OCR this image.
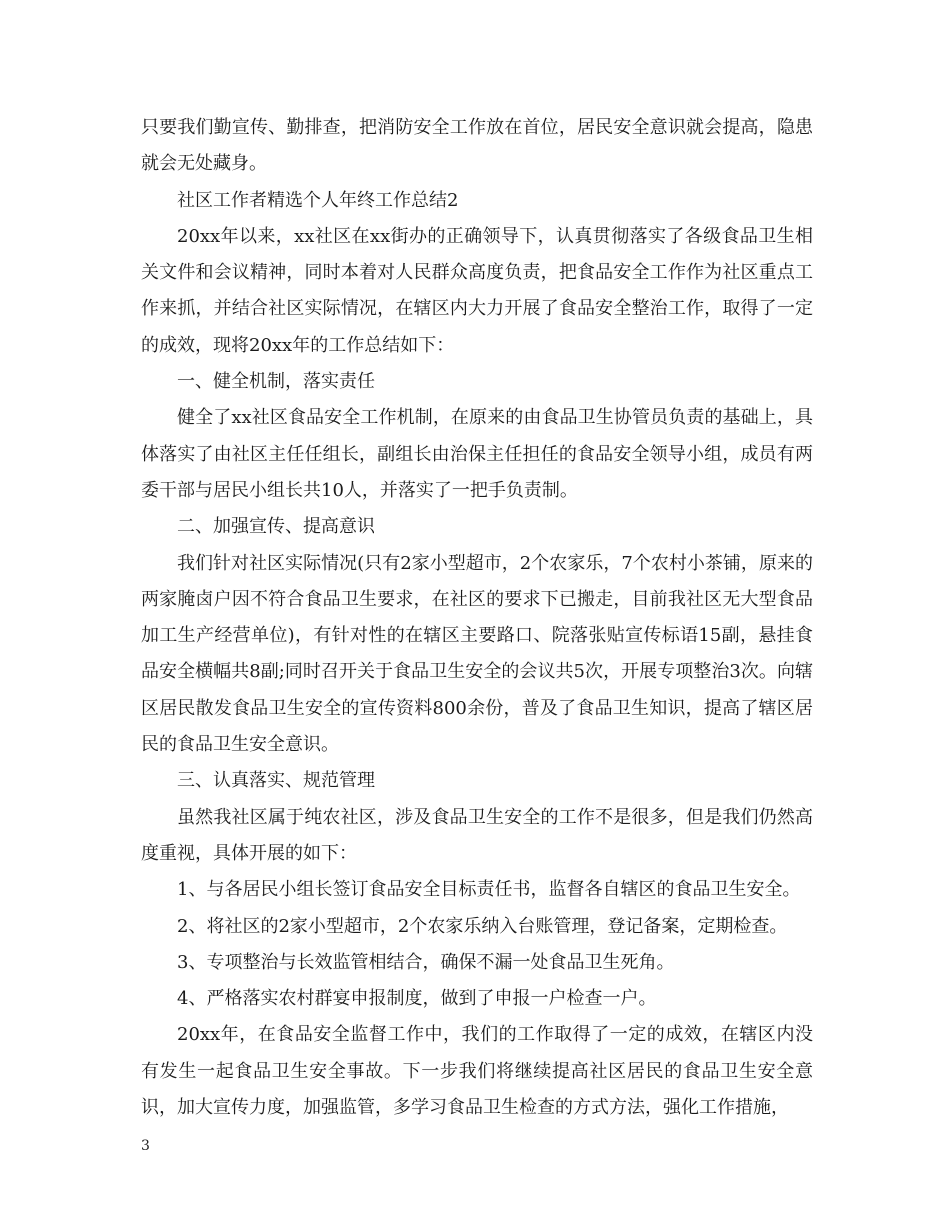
只要我们勤宣传、勤排查，把消防安全工作放在首位，居民安全意识就会提高，隐患就会无处藏身。

社区工作者精选个人年终工作总结2

20xx年以来，xx社区在xx街办的正确领导下，认真贯彻落实了各级食品卫生相关文件和会议精神，同时本着对人民群众高度负责，把食品安全工作作为社区重点工作来抓，并结合社区实际情况，在辖区内大力开展了食品安全整治工作，取得了一定的成效，现将20xx年的工作总结如下：

一、健全机制，落实责任

健全了xx社区食品安全工作机制，在原来的由食品卫生协管员负责的基础上，具体落实了由社区主任任组长，副组长由治保主任担任的食品安全领导小组，成员有两委干部与居民小组长共10人，并落实了一把手负责制。

二、加强宣传、提高意识

我们针对社区实际情况(只有2家小型超市，2个农家乐，7个农村小茶铺，原来的两家腌卤户因不符合食品卫生要求，在社区的要求下已搬走，目前我社区无大型食品加工生产经营单位)，有针对性的在辖区主要路口、院落张贴宣传标语15副，悬挂食品安全横幅共8副;同时召开关于食品卫生安全的会议共5次，开展专项整治3次。向辖区居民散发食品卫生安全的宣传资料800余份，普及了食品卫生知识，提高了辖区居民的食品卫生安全意识。

三、认真落实、规范管理

虽然我社区属于纯农社区，涉及食品卫生安全的工作不是很多，但是我们仍然高度重视，具体开展的如下：

1、与各居民小组长签订食品安全目标责任书，监督各自辖区的食品卫生安全。

2、将社区的2家小型超市，2个农家乐纳入台账管理，登记备案，定期检查。

3、专项整治与长效监管相结合，确保不漏一处食品卫生死角。

4、严格落实农村群宴申报制度，做到了申报一户检查一户。

20xx年，在食品安全监督工作中，我们的工作取得了一定的成效，在辖区内没有发生一起食品卫生安全事故。下一步我们将继续提高社区居民的食品卫生安全意识，加大宣传力度，加强监管，多学习食品卫生检查的方式方法，强化工作措施，

3
